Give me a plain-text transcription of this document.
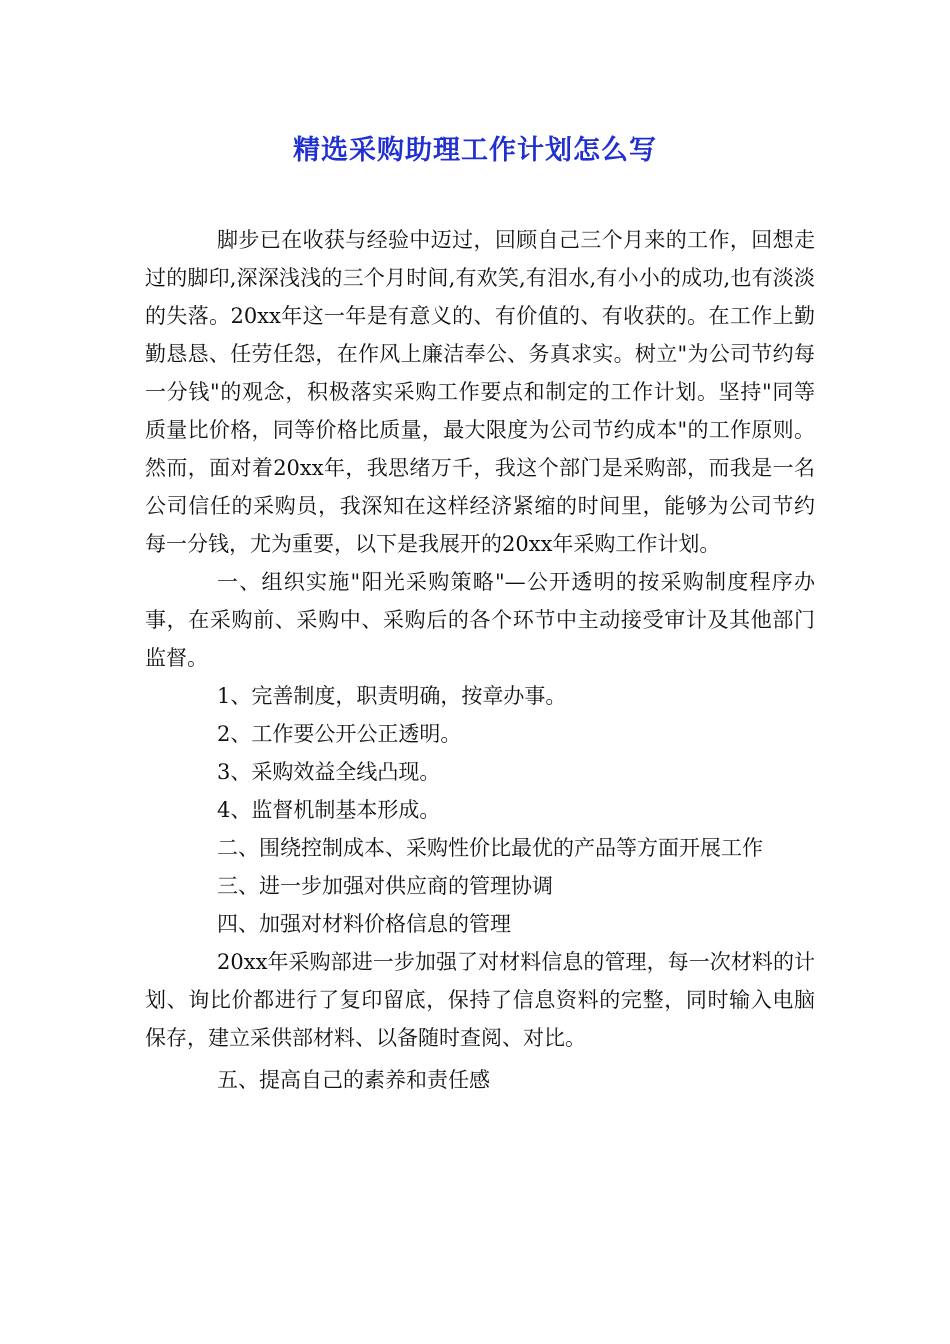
精选采购助理工作计划怎么写

脚步已在收获与经验中迈过，回顾自己三个月来的工作，回想走过的脚印,深深浅浅的三个月时间,有欢笑,有泪水,有小小的成功,也有淡淡的失落。20xx年这一年是有意义的、有价值的、有收获的。在工作上勤勤恳恳、任劳任怨，在作风上廉洁奉公、务真求实。树立"为公司节约每一分钱"的观念，积极落实采购工作要点和制定的工作计划。坚持"同等质量比价格，同等价格比质量，最大限度为公司节约成本"的工作原则。然而，面对着20xx年，我思绪万千，我这个部门是采购部，而我是一名公司信任的采购员，我深知在这样经济紧缩的时间里，能够为公司节约每一分钱，尤为重要，以下是我展开的20xx年采购工作计划。

一、组织实施"阳光采购策略"—公开透明的按采购制度程序办事，在采购前、采购中、采购后的各个环节中主动接受审计及其他部门监督。

1、完善制度，职责明确，按章办事。

2、工作要公开公正透明。

3、采购效益全线凸现。

4、监督机制基本形成。

二、围绕控制成本、采购性价比最优的产品等方面开展工作

三、进一步加强对供应商的管理协调

四、加强对材料价格信息的管理

20xx年采购部进一步加强了对材料信息的管理，每一次材料的计划、询比价都进行了复印留底，保持了信息资料的完整，同时输入电脑保存，建立采供部材料、以备随时查阅、对比。

五、提高自己的素养和责任感
